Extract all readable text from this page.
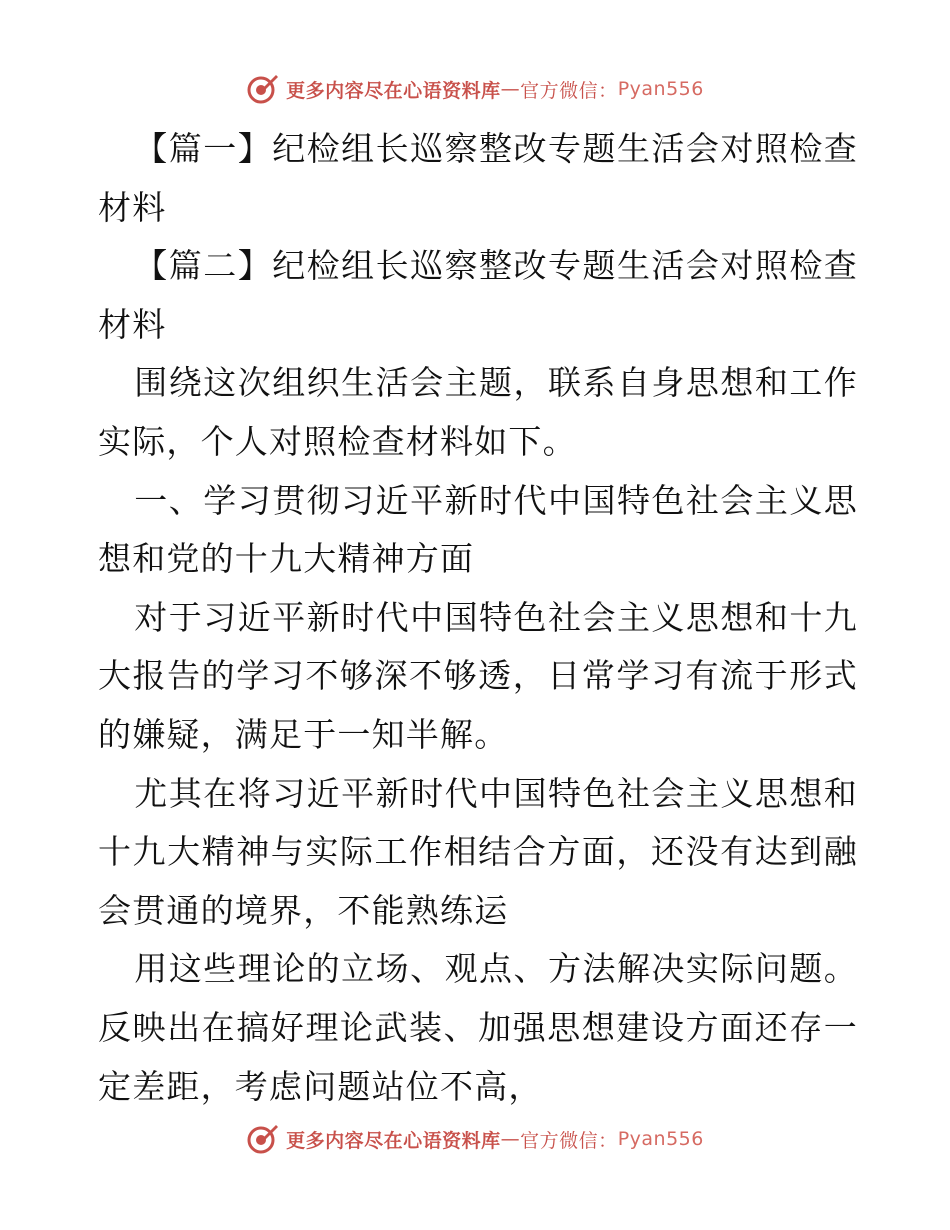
更多内容尽在心语资料库 — 官方微信： Pyan556

【篇一】纪检组长巡察整改专题生活会对照检查材料

【篇二】纪检组长巡察整改专题生活会对照检查材料

围绕这次组织生活会主题，联系自身思想和工作实际，个人对照检查材料如下。

一、学习贯彻习近平新时代中国特色社会主义思想和党的十九大精神方面

对于习近平新时代中国特色社会主义思想和十九大报告的学习不够深不够透，日常学习有流于形式的嫌疑，满足于一知半解。

尤其在将习近平新时代中国特色社会主义思想和十九大精神与实际工作相结合方面，还没有达到融会贯通的境界，不能熟练运

用这些理论的立场、观点、方法解决实际问题。反映出在搞好理论武装、加强思想建设方面还存一定差距，考虑问题站位不高，

更多内容尽在心语资料库 — 官方微信： Pyan556
